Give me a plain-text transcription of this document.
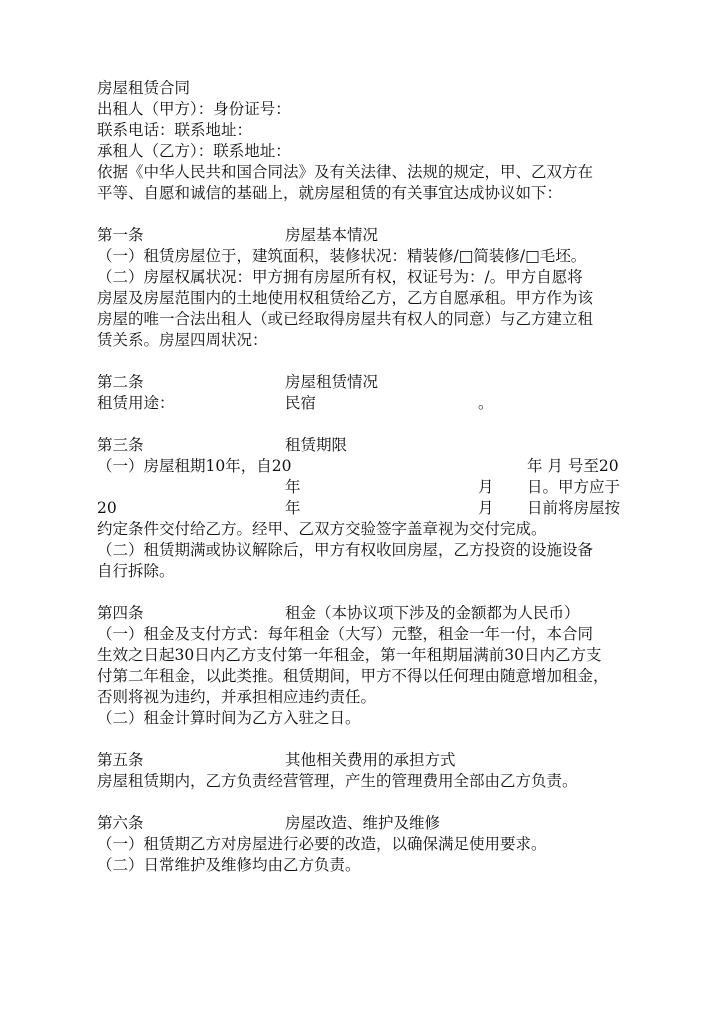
房屋租赁合同
出租人（甲方）：身份证号：
联系电话：联系地址：
承租人（乙方）：联系地址：
依据《中华人民共和国合同法》及有关法律、法规的规定，甲、乙双方在
平等、自愿和诚信的基础上，就房屋租赁的有关事宜达成协议如下：
第一条	房屋基本情况
（一）租赁房屋位于，建筑面积，装修状况：精装修/□简装修/□毛坯。
（二）房屋权属状况：甲方拥有房屋所有权，权证号为：/。甲方自愿将
房屋及房屋范围内的土地使用权租赁给乙方，乙方自愿承租。甲方作为该
房屋的唯一合法出租人（或已经取得房屋共有权人的同意）与乙方建立租
赁关系。房屋四周状况：
第二条	房屋租赁情况
租赁用途：	民宿	。
第三条	租赁期限
（一）房屋租期10年，自20	年 月 号至20
年	月 日。甲方应于
20	年	月 日前将房屋按
约定条件交付给乙方。经甲、乙双方交验签字盖章视为交付完成。
（二）租赁期满或协议解除后，甲方有权收回房屋，乙方投资的设施设备
自行拆除。
第四条	租金（本协议项下涉及的金额都为人民币）
（一）租金及支付方式：每年租金（大写）元整，租金一年一付，本合同
生效之日起30日内乙方支付第一年租金，第一年租期届满前30日内乙方支
付第二年租金，以此类推。租赁期间，甲方不得以任何理由随意增加租金，
否则将视为违约，并承担相应违约责任。
（二）租金计算时间为乙方入驻之日。
第五条	其他相关费用的承担方式
房屋租赁期内，乙方负责经营管理，产生的管理费用全部由乙方负责。
第六条	房屋改造、维护及维修
（一）租赁期乙方对房屋进行必要的改造，以确保满足使用要求。
（二）日常维护及维修均由乙方负责。
